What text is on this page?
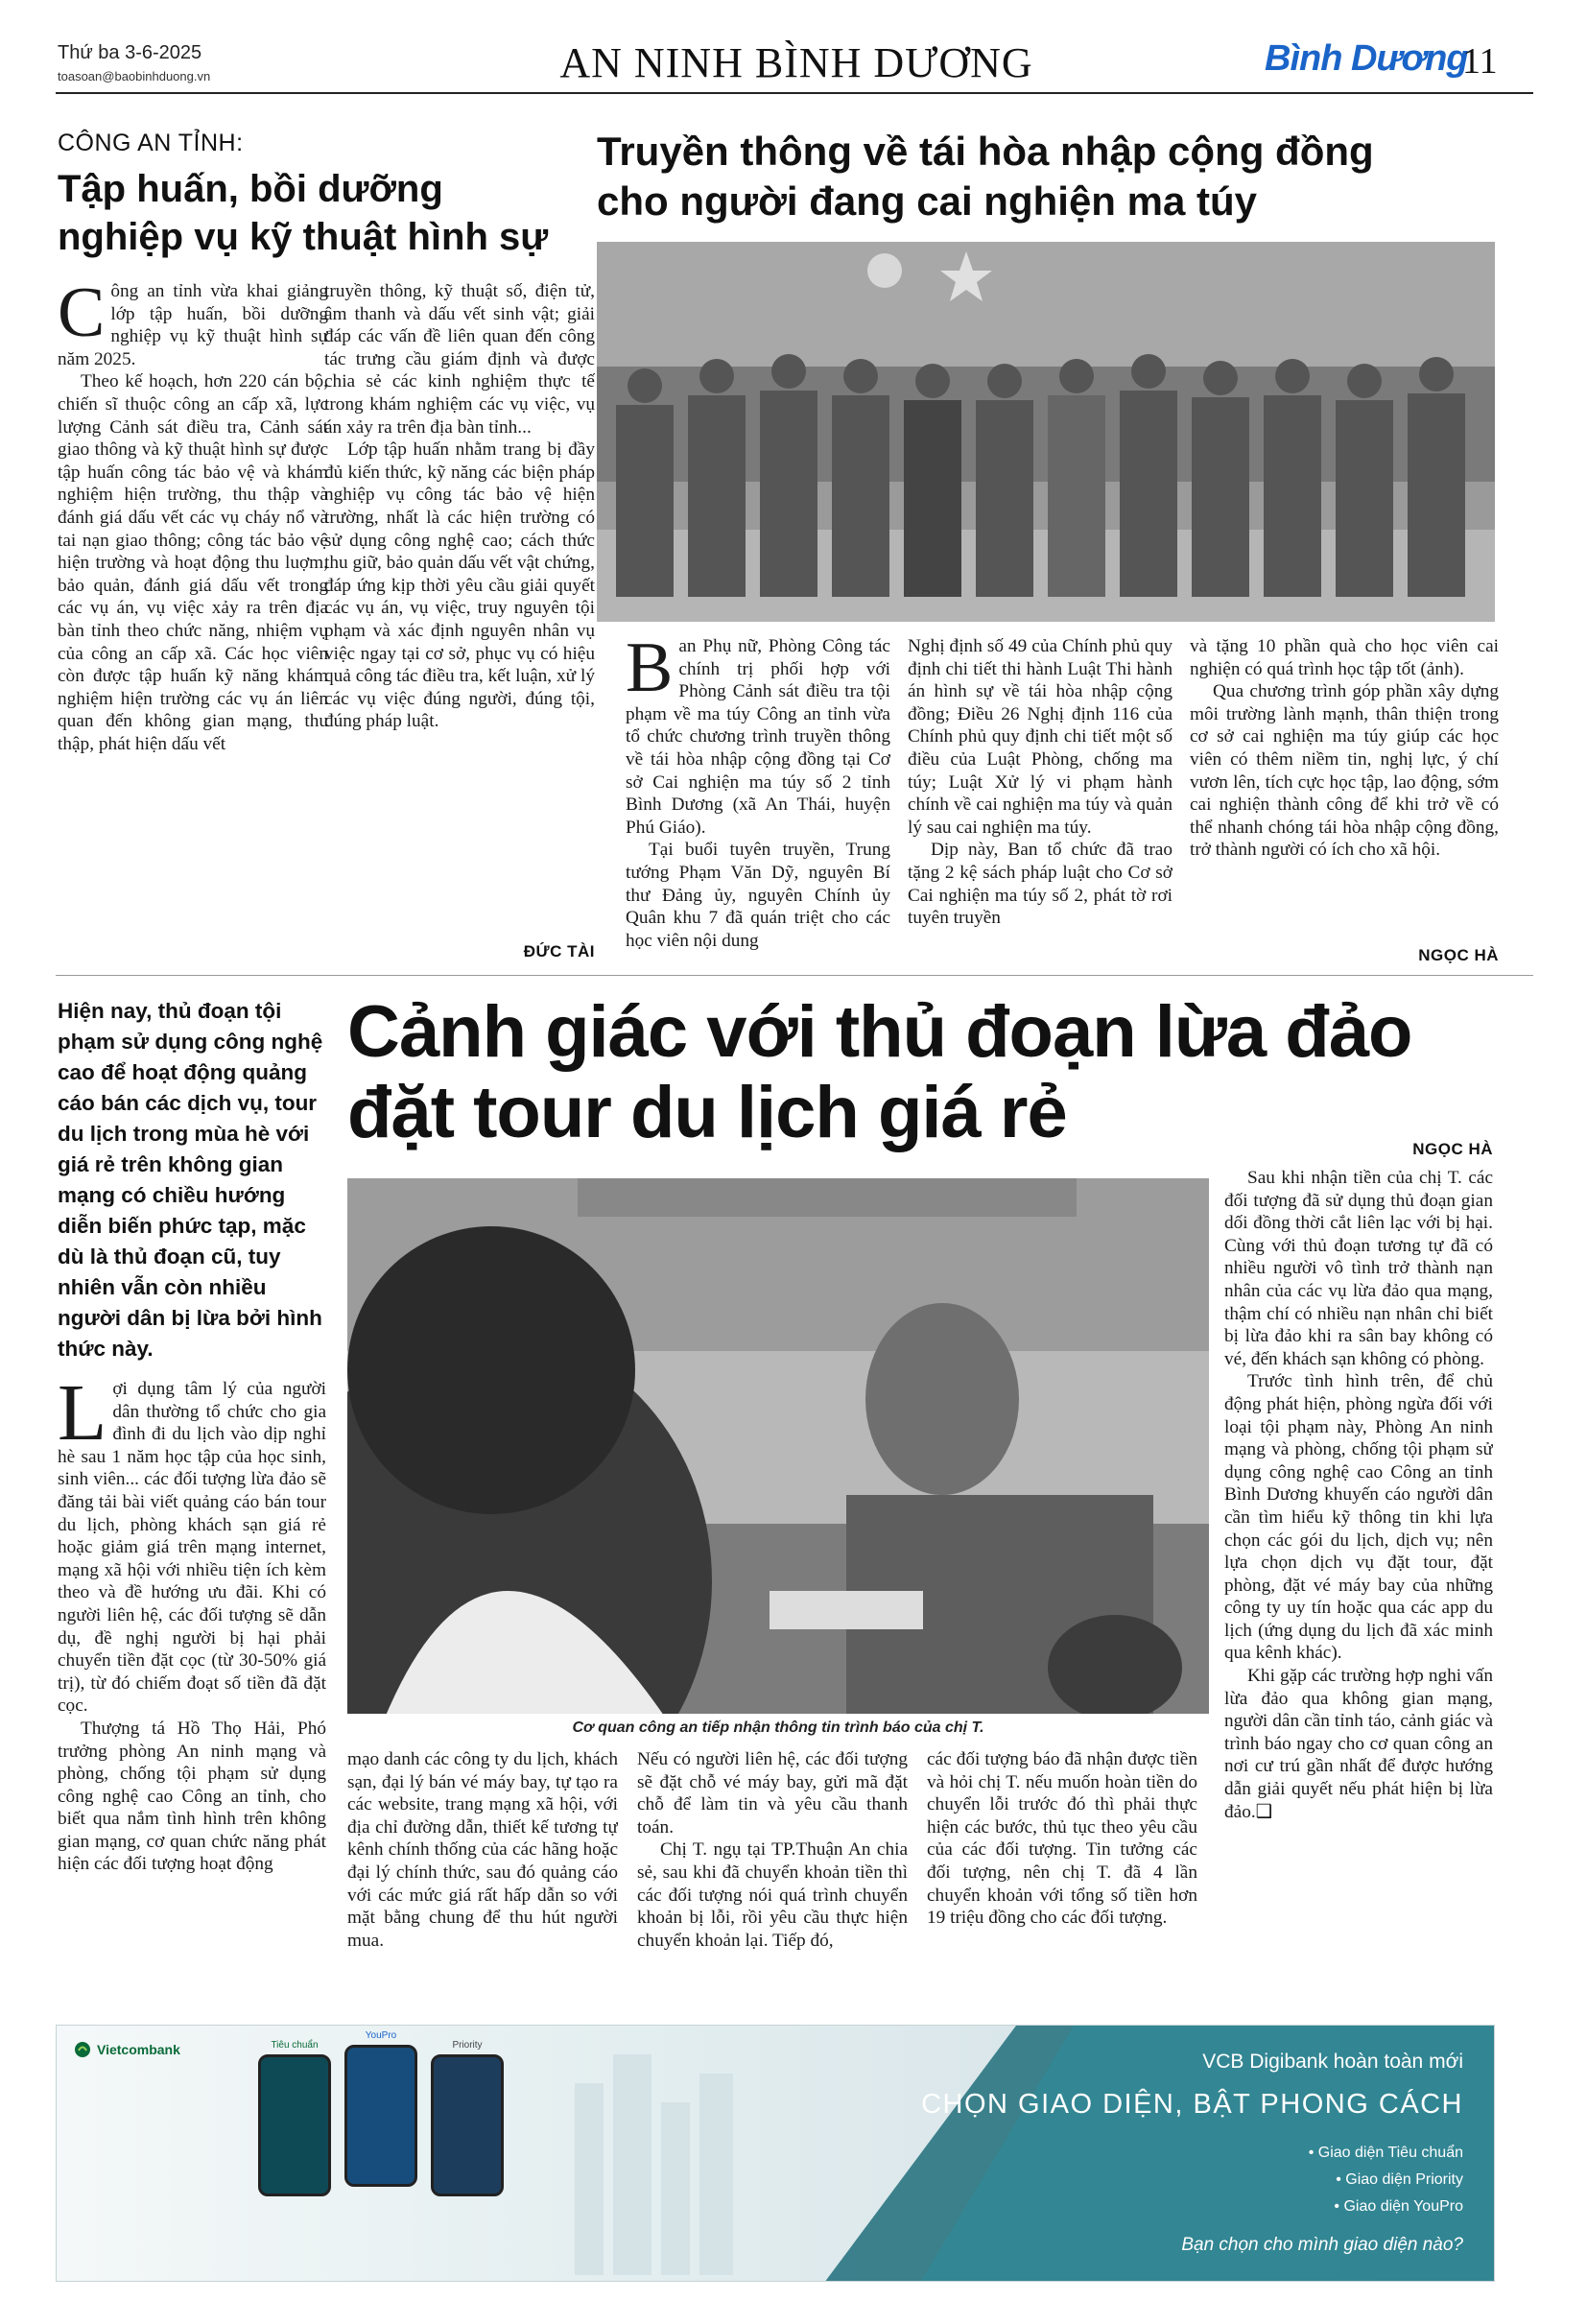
Thứ ba 3-6-2025
toasoan@baobinhduong.vn	AN NINH BÌNH DƯƠNG	Bình Dương
11
CÔNG AN TỈNH:
Tập huấn, bồi dưỡng
nghiệp vụ kỹ thuật hình sự

Công an tỉnh vừa khai giảng lớp tập huấn, bồi dưỡng nghiệp vụ kỹ thuật hình sự năm 2025.

Theo kế hoạch, hơn 220 cán bộ, chiến sĩ thuộc công an cấp xã, lực lượng Cảnh sát điều tra, Cảnh sát giao thông và kỹ thuật hình sự được tập huấn công tác bảo vệ và khám nghiệm hiện trường, thu thập và đánh giá dấu vết các vụ cháy nổ và tai nạn giao thông; công tác bảo vệ hiện trường và hoạt động thu luợm, bảo quản, đánh giá dấu vết trong các vụ án, vụ việc xảy ra trên địa bàn tỉnh theo chức năng, nhiệm vụ của công an cấp xã. Các học viên còn được tập huấn kỹ năng khám nghiệm hiện trường các vụ án liên quan đến không gian mạng, thu thập, phát hiện dấu vết

truyền thông, kỹ thuật số, điện tử, âm thanh và dấu vết sinh vật; giải đáp các vấn đề liên quan đến công tác trưng cầu giám định và được chia sẻ các kinh nghiệm thực tế trong khám nghiệm các vụ việc, vụ án xảy ra trên địa bàn tỉnh...

Lớp tập huấn nhằm trang bị đầy đủ kiến thức, kỹ năng các biện pháp nghiệp vụ công tác bảo vệ hiện trường, nhất là các hiện trường có sử dụng công nghệ cao; cách thức thu giữ, bảo quản dấu vết vật chứng, đáp ứng kịp thời yêu cầu giải quyết các vụ án, vụ việc, truy nguyên tội phạm và xác định nguyên nhân vụ việc ngay tại cơ sở, phục vụ có hiệu quả công tác điều tra, kết luận, xử lý các vụ việc đúng người, đúng tội, đúng pháp luật.

ĐỨC TÀI
Truyền thông về tái hòa nhập cộng đồng
cho người đang cai nghiện ma túy

Ban Phụ nữ, Phòng Công tác chính trị phối hợp với Phòng Cảnh sát điều tra tội phạm về ma túy Công an tỉnh vừa tổ chức chương trình truyền thông về tái hòa nhập cộng đồng tại Cơ sở Cai nghiện ma túy số 2 tỉnh Bình Dương (xã An Thái, huyện Phú Giáo).

Tại buổi tuyên truyền, Trung tướng Phạm Văn Dỹ, nguyên Bí thư Đảng ủy, nguyên Chính ủy Quân khu 7 đã quán triệt cho các học viên nội dung

Nghị định số 49 của Chính phủ quy định chi tiết thi hành Luật Thi hành án hình sự về tái hòa nhập cộng đồng; Điều 26 Nghị định 116 của Chính phủ quy định chi tiết một số điều của Luật Phòng, chống ma túy; Luật Xử lý vi phạm hành chính về cai nghiện ma túy và quản lý sau cai nghiện ma túy.

Dịp này, Ban tổ chức đã trao tặng 2 kệ sách pháp luật cho Cơ sở Cai nghiện ma túy số 2, phát tờ rơi tuyên truyền

và tặng 10 phần quà cho học viên cai nghiện có quá trình học tập tốt (ảnh).

Qua chương trình góp phần xây dựng môi trường lành mạnh, thân thiện trong cơ sở cai nghiện ma túy giúp các học viên có thêm niềm tin, nghị lực, ý chí vươn lên, tích cực học tập, lao động, sớm cai nghiện thành công để khi trở về có thể nhanh chóng tái hòa nhập cộng đồng, trở thành người có ích cho xã hội.

NGỌC HÀ
Hiện nay, thủ đoạn tội phạm sử dụng công nghệ cao để hoạt động quảng cáo bán các dịch vụ, tour du lịch trong mùa hè với giá rẻ trên không gian mạng có chiều hướng diễn biến phức tạp, mặc dù là thủ đoạn cũ, tuy nhiên vẫn còn nhiều người dân bị lừa bởi hình thức này.
Cảnh giác với thủ đoạn lừa đảo
đặt tour du lịch giá rẻ	NGỌC HÀ
Cơ quan công an tiếp nhận thông tin trình báo của chị T.

Lợi dụng tâm lý của người dân thường tổ chức cho gia đình đi du lịch vào dịp nghỉ hè sau 1 năm học tập của học sinh, sinh viên... các đối tượng lừa đảo sẽ đăng tải bài viết quảng cáo bán tour du lịch, phòng khách sạn giá rẻ hoặc giảm giá trên mạng internet, mạng xã hội với nhiều tiện ích kèm theo và đề hướng ưu đãi. Khi có người liên hệ, các đối tượng sẽ dẫn dụ, đề nghị người bị hại phải chuyển tiền đặt cọc (từ 30-50% giá trị), từ đó chiếm đoạt số tiền đã đặt cọc.

Thượng tá Hồ Thọ Hải, Phó trưởng phòng An ninh mạng và phòng, chống tội phạm sử dụng công nghệ cao Công an tỉnh, cho biết qua nắm tình hình trên không gian mạng, cơ quan chức năng phát hiện các đối tượng hoạt động

mạo danh các công ty du lịch, khách sạn, đại lý bán vé máy bay, tự tạo ra các website, trang mạng xã hội, với địa chỉ đường dẫn, thiết kế tương tự kênh chính thống của các hãng hoặc đại lý chính thức, sau đó quảng cáo với các mức giá rất hấp dẫn so với mặt bằng chung để thu hút người mua.

Nếu có người liên hệ, các đối tượng sẽ đặt chỗ vé máy bay, gửi mã đặt chỗ để làm tin và yêu cầu thanh toán.

Chị T. ngụ tại TP.Thuận An chia sẻ, sau khi đã chuyển khoản tiền thì các đối tượng nói quá trình chuyển khoản bị lỗi, rồi yêu cầu thực hiện chuyển khoản lại. Tiếp đó,

các đối tượng báo đã nhận được tiền và hỏi chị T. nếu muốn hoàn tiền do chuyển lỗi trước đó thì phải thực hiện các bước, thủ tục theo yêu cầu của các đối tượng. Tin tưởng các đối tượng, nên chị T. đã 4 lần chuyển khoản với tổng số tiền hơn 19 triệu đồng cho các đối tượng.

Sau khi nhận tiền của chị T. các đối tượng đã sử dụng thủ đoạn gian dối đồng thời cắt liên lạc với bị hại. Cùng với thủ đoạn tương tự đã có nhiều người vô tình trở thành nạn nhân của các vụ lừa đảo qua mạng, thậm chí có nhiều nạn nhân chỉ biết bị lừa đảo khi ra sân bay không có vé, đến khách sạn không có phòng.

Trước tình hình trên, để chủ động phát hiện, phòng ngừa đối với loại tội phạm này, Phòng An ninh mạng và phòng, chống tội phạm sử dụng công nghệ cao Công an tỉnh Bình Dương khuyến cáo người dân cần tìm hiểu kỹ thông tin khi lựa chọn các gói du lịch, dịch vụ; nên lựa chọn dịch vụ đặt tour, đặt phòng, đặt vé máy bay của những công ty uy tín hoặc qua các app du lịch (ứng dụng du lịch đã xác minh qua kênh khác).

Khi gặp các trường hợp nghi vấn lừa đảo qua không gian mạng, người dân cần tỉnh táo, cảnh giác và trình báo ngay cho cơ quan công an nơi cư trú gần nhất để được hướng dẫn giải quyết nếu phát hiện bị lừa đảo.❑

Vietcombank	Tiêu chuẩn
YouPro
Priority
VCB Digibank hoàn toàn mới
CHỌN GIAO DIỆN, BẬT PHONG CÁCH
• Giao diện Tiêu chuẩn
• Giao diện Priority
• Giao diện YouPro
Bạn chọn cho mình giao diện nào?
